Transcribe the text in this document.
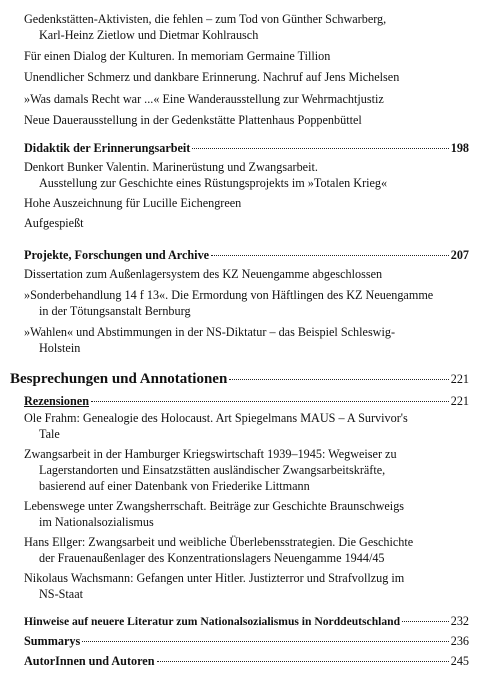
Gedenkstätten-Aktivisten, die fehlen – zum Tod von Günther Schwarberg,
Karl-Heinz Zietlow und Dietmar Kohlrausch
Für einen Dialog der Kulturen. In memoriam Germaine Tillion
Unendlicher Schmerz und dankbare Erinnerung. Nachruf auf Jens Michelsen
»Was damals Recht war ...« Eine Wanderausstellung zur Wehrmachtjustiz
Neue Dauerausstellung in der Gedenkstätte Plattenhaus Poppenbüttel
Didaktik der Erinnerungsarbeit	198
Denkort Bunker Valentin. Marinerüstung und Zwangsarbeit.
Ausstellung zur Geschichte eines Rüstungsprojekts im »Totalen Krieg«
Hohe Auszeichnung für Lucille Eichengreen
Aufgespießt
Projekte, Forschungen und Archive	207
Dissertation zum Außenlagersystem des KZ Neuengamme abgeschlossen
»Sonderbehandlung 14 f 13«. Die Ermordung von Häftlingen des KZ Neuengamme
in der Tötungsanstalt Bernburg
»Wahlen« und Abstimmungen in der NS-Diktatur – das Beispiel Schleswig-
Holstein
Besprechungen und Annotationen	221
Rezensionen	221
Ole Frahm: Genealogie des Holocaust. Art Spiegelmans MAUS – A Survivor's
Tale
Zwangsarbeit in der Hamburger Kriegswirtschaft 1939–1945: Wegweiser zu
Lagerstandorten und Einsatzstätten ausländischer Zwangsarbeitskräfte,
basierend auf einer Datenbank von Friederike Littmann
Lebenswege unter Zwangsherrschaft. Beiträge zur Geschichte Braunschweigs
im Nationalsozialismus
Hans Ellger: Zwangsarbeit und weibliche Überlebensstrategien. Die Geschichte
der Frauenaußenlager des Konzentrationslagers Neuengamme 1944/45
Nikolaus Wachsmann: Gefangen unter Hitler. Justizterror und Strafvollzug im
NS-Staat
Hinweise auf neuere Literatur zum Nationalsozialismus in Norddeutschland	232
Summarys	236
AutorInnen und Autoren	245
